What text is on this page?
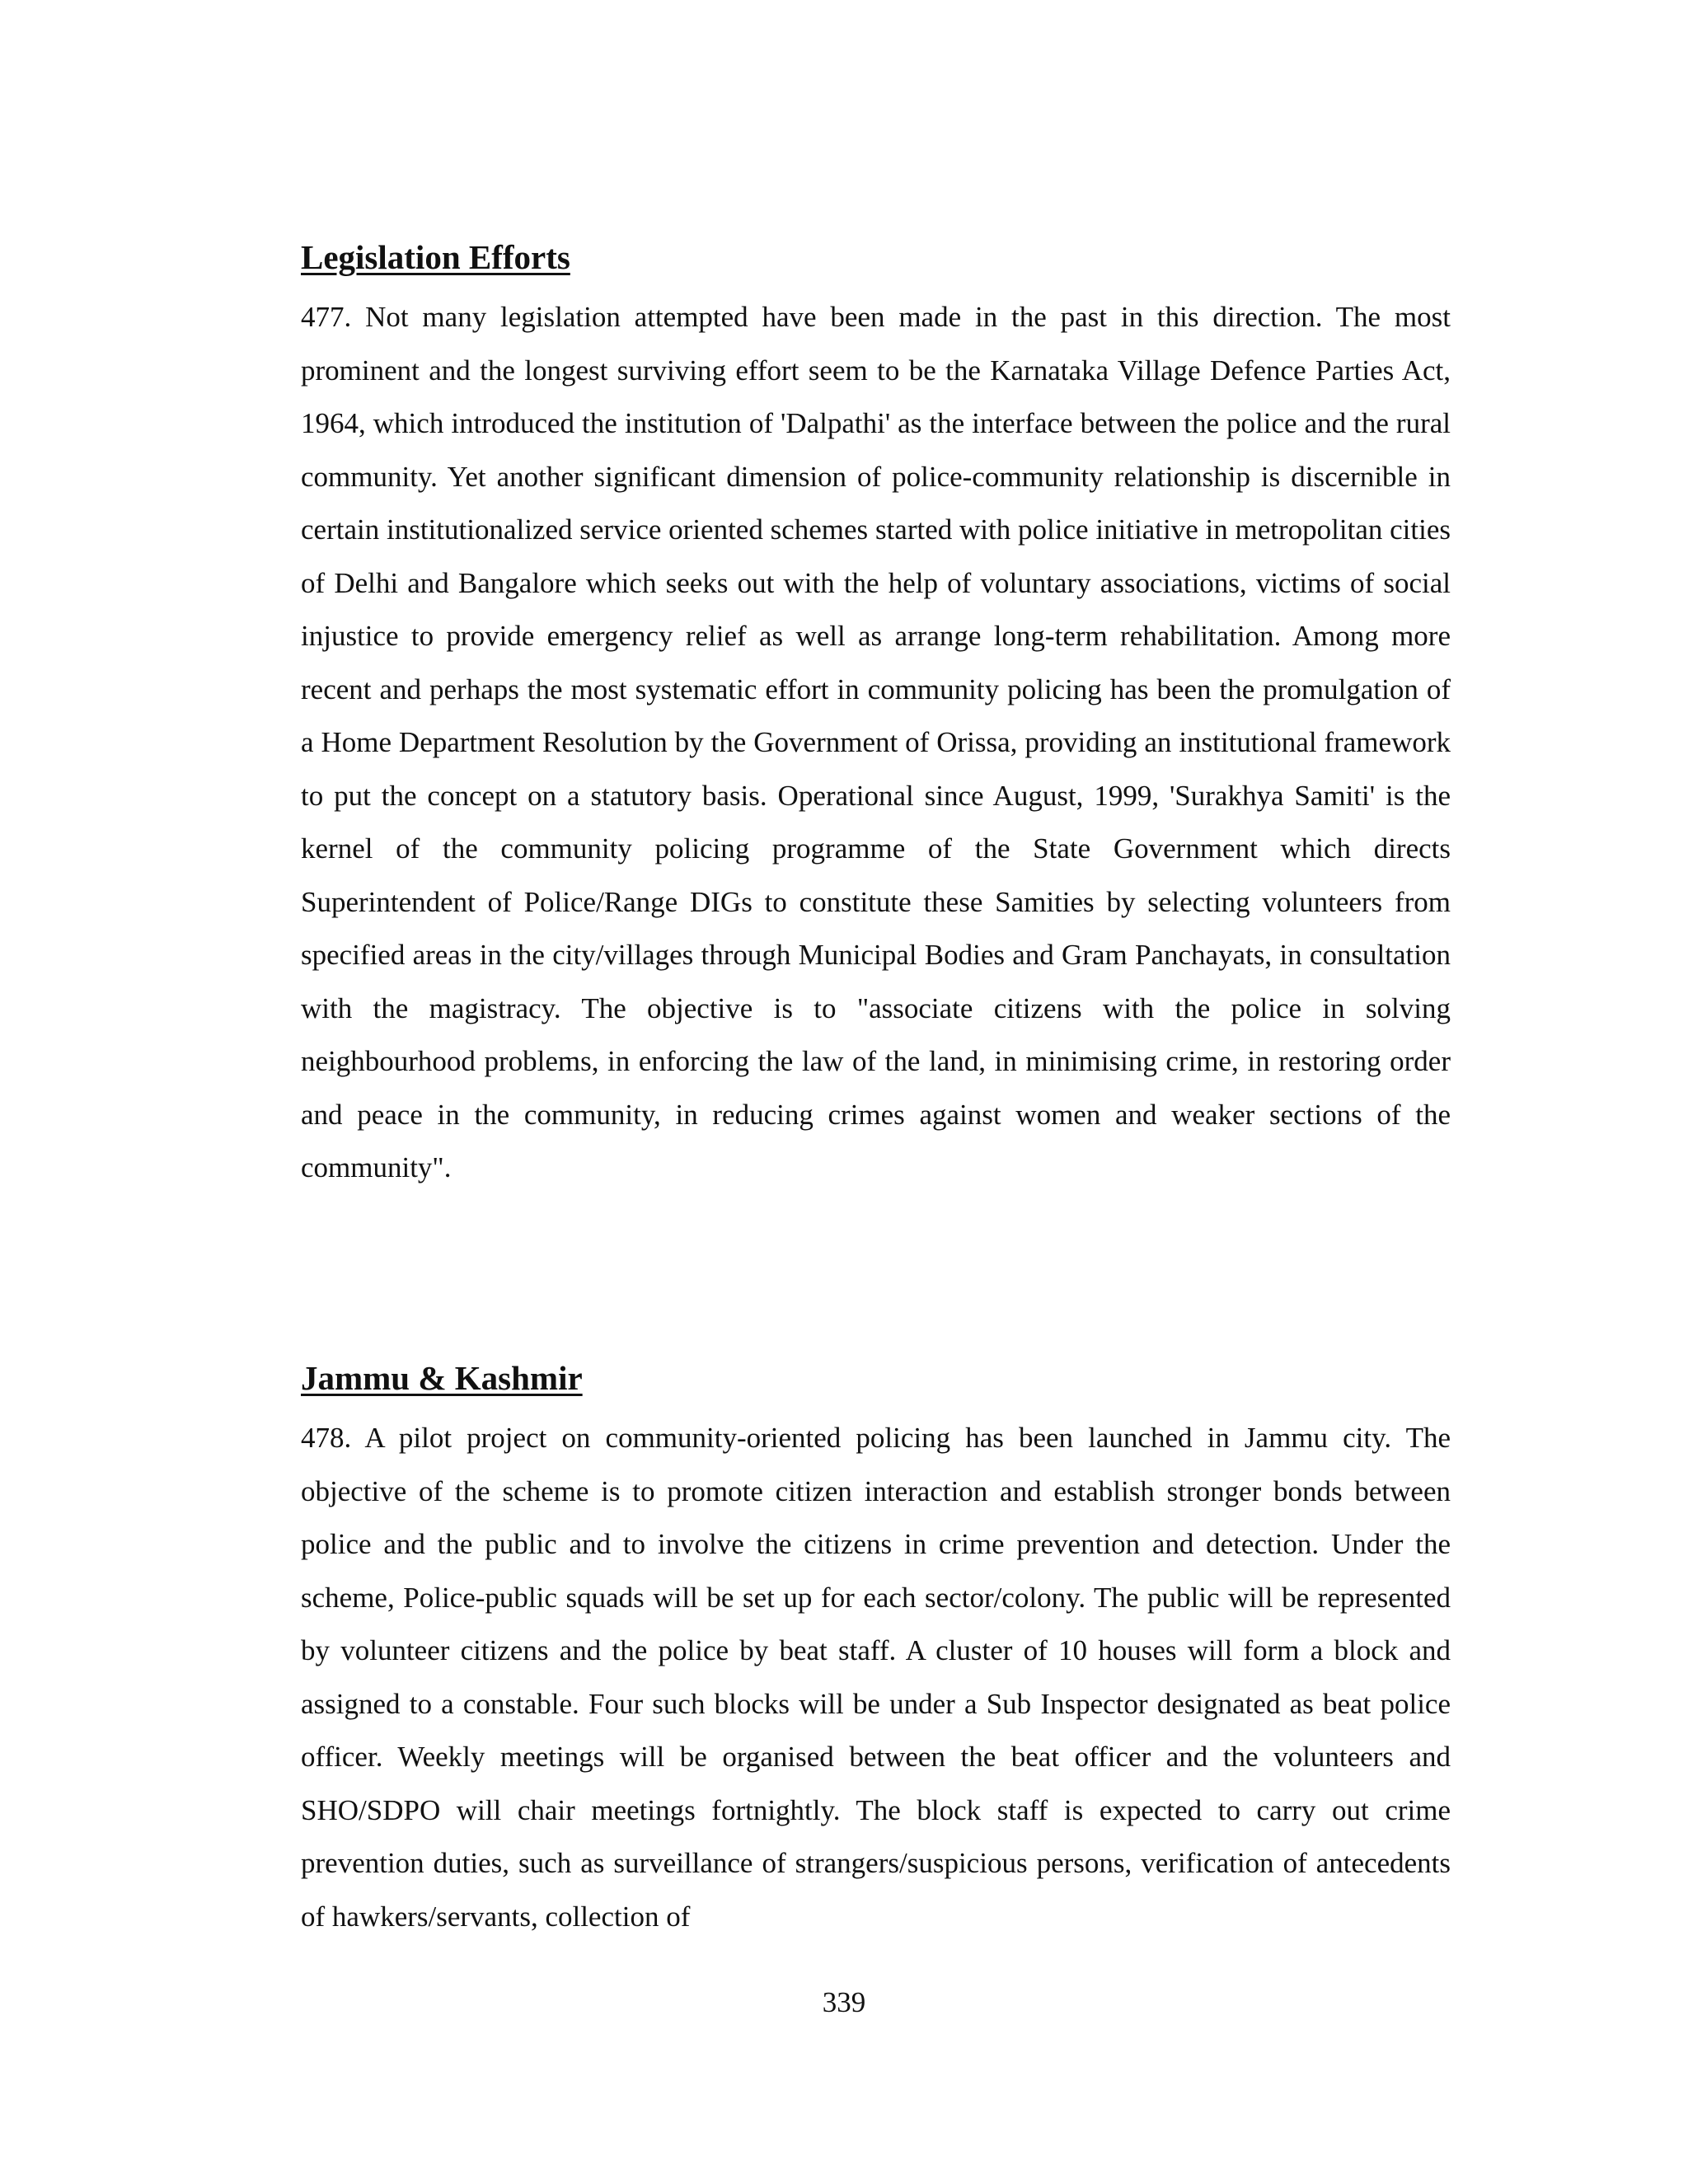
Legislation Efforts

477. Not many legislation attempted have been made in the past in this direction. The most prominent and the longest surviving effort seem to be the Karnataka Village Defence Parties Act, 1964, which introduced the institution of 'Dalpathi' as the interface between the police and the rural community. Yet another significant dimension of police-community relationship is discernible in certain institutionalized service oriented schemes started with police initiative in metropolitan cities of Delhi and Bangalore which seeks out with the help of voluntary associations, victims of social injustice to provide emergency relief as well as arrange long-term rehabilitation. Among more recent and perhaps the most systematic effort in community policing has been the promulgation of a Home Department Resolution by the Government of Orissa, providing an institutional framework to put the concept on a statutory basis. Operational since August, 1999, 'Surakhya Samiti' is the kernel of the community policing programme of the State Government which directs Superintendent of Police/Range DIGs to constitute these Samities by selecting volunteers from specified areas in the city/villages through Municipal Bodies and Gram Panchayats, in consultation with the magistracy. The objective is to "associate citizens with the police in solving neighbourhood problems, in enforcing the law of the land, in minimising crime, in restoring order and peace in the community, in reducing crimes against women and weaker sections of the community".

Jammu & Kashmir

478. A pilot project on community-oriented policing has been launched in Jammu city. The objective of the scheme is to promote citizen interaction and establish stronger bonds between police and the public and to involve the citizens in crime prevention and detection. Under the scheme, Police-public squads will be set up for each sector/colony. The public will be represented by volunteer citizens and the police by beat staff. A cluster of 10 houses will form a block and assigned to a constable. Four such blocks will be under a Sub Inspector designated as beat police officer. Weekly meetings will be organised between the beat officer and the volunteers and SHO/SDPO will chair meetings fortnightly. The block staff is expected to carry out crime prevention duties, such as surveillance of strangers/suspicious persons, verification of antecedents of hawkers/servants, collection of

339
